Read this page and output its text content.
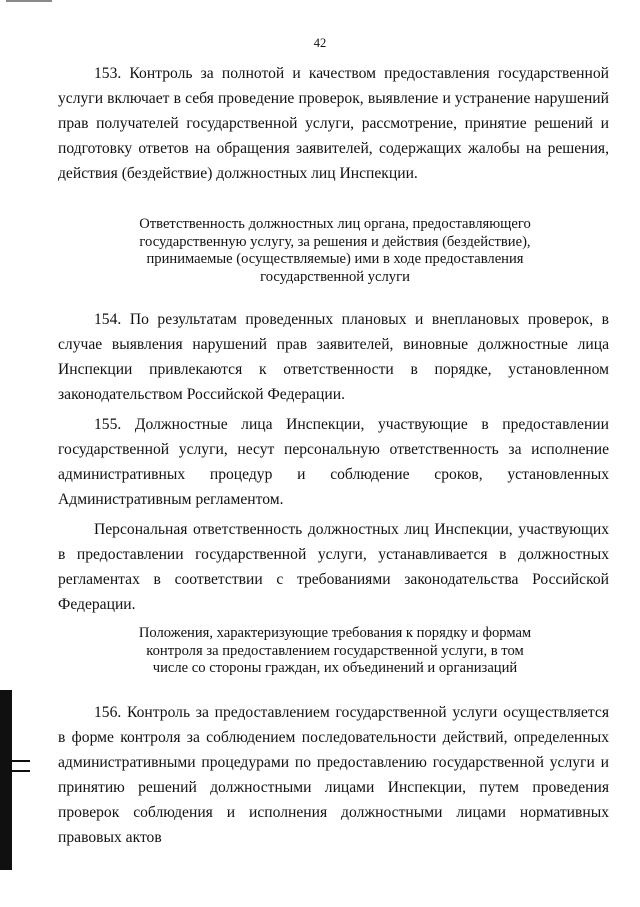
42

153. Контроль за полнотой и качеством предоставления государственной услуги включает в себя проведение проверок, выявление и устранение нарушений прав получателей государственной услуги, рассмотрение, принятие решений и подготовку ответов на обращения заявителей, содержащих жалобы на решения, действия (бездействие) должностных лиц Инспекции.

Ответственность должностных лиц органа, предоставляющего
государственную услугу, за решения и действия (бездействие),
принимаемые (осуществляемые) ими в ходе предоставления
государственной услуги

154. По результатам проведенных плановых и внеплановых проверок, в случае выявления нарушений прав заявителей, виновные должностные лица Инспекции привлекаются к ответственности в порядке, установленном законодательством Российской Федерации.

155. Должностные лица Инспекции, участвующие в предоставлении государственной услуги, несут персональную ответственность за исполнение административных процедур и соблюдение сроков, установленных Административным регламентом.

Персональная ответственность должностных лиц Инспекции, участвующих в предоставлении государственной услуги, устанавливается в должностных регламентах в соответствии с требованиями законодательства Российской Федерации.

Положения, характеризующие требования к порядку и формам
контроля за предоставлением государственной услуги, в том
числе со стороны граждан, их объединений и организаций

156. Контроль за предоставлением государственной услуги осуществляется в форме контроля за соблюдением последовательности действий, определенных административными процедурами по предоставлению государственной услуги и принятию решений должностными лицами Инспекции, путем проведения проверок соблюдения и исполнения должностными лицами нормативных правовых актов
